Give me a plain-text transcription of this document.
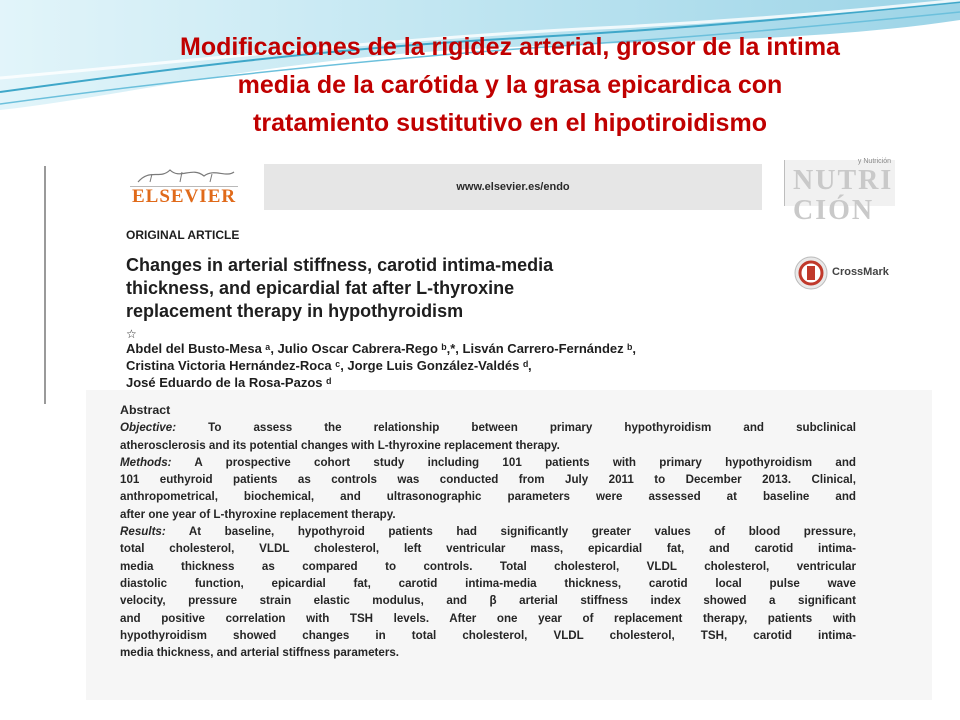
Modificaciones de la rigidez arterial, grosor de la intima
media de la carótida y la grasa epicardica con
tratamiento sustitutivo en el hipotiroidismo
ELSEVIER	www.elsevier.es/endo
y Nutrición
NUTRI
CIÓN
ORIGINAL ARTICLE
Changes in arterial stiffness, carotid intima-media
thickness, and epicardial fat after L-thyroxine
replacement therapy in hypothyroidism
☆
CrossMark
Abdel del Busto-Mesa ᵃ, Julio Oscar Cabrera-Rego ᵇ,*, Lisván Carrero-Fernández ᵇ,
Cristina Victoria Hernández-Roca ᶜ, Jorge Luis González-Valdés ᵈ,
José Eduardo de la Rosa-Pazos ᵈ
Abstract
Objective: To assess the relationship between primary hypothyroidism and subclinical
atherosclerosis and its potential changes with L-thyroxine replacement therapy.
Methods: A prospective cohort study including 101 patients with primary hypothyroidism and
101 euthyroid patients as controls was conducted from July 2011 to December 2013. Clinical,
anthropometrical, biochemical, and ultrasonographic parameters were assessed at baseline and
after one year of L-thyroxine replacement therapy.
Results: At baseline, hypothyroid patients had significantly greater values of blood pressure,
total cholesterol, VLDL cholesterol, left ventricular mass, epicardial fat, and carotid intima-
media thickness as compared to controls. Total cholesterol, VLDL cholesterol, ventricular
diastolic function, epicardial fat, carotid intima-media thickness, carotid local pulse wave
velocity, pressure strain elastic modulus, and β arterial stiffness index showed a significant
and positive correlation with TSH levels. After one year of replacement therapy, patients with
hypothyroidism showed changes in total cholesterol, VLDL cholesterol, TSH, carotid intima-
media thickness, and arterial stiffness parameters.
